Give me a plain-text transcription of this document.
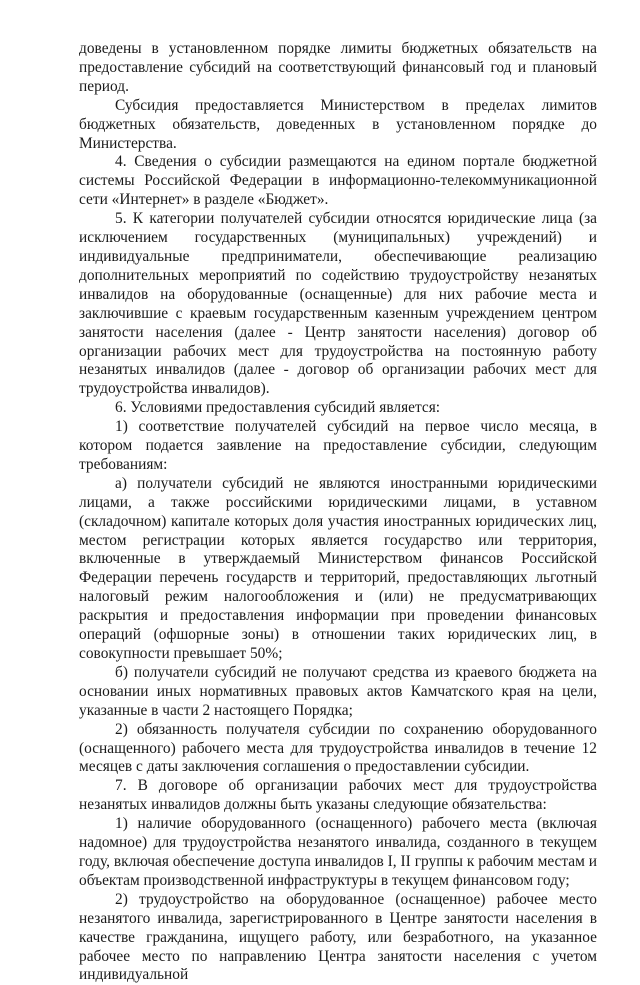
доведены в установленном порядке лимиты бюджетных обязательств на предоставление субсидий на соответствующий финансовый год и плановый период.

Субсидия предоставляется Министерством в пределах лимитов бюджетных обязательств, доведенных в установленном порядке до Министерства.

4. Сведения о субсидии размещаются на едином портале бюджетной системы Российской Федерации в информационно-телекоммуникационной сети «Интернет» в разделе «Бюджет».

5. К категории получателей субсидии относятся юридические лица (за исключением государственных (муниципальных) учреждений) и индивидуальные предприниматели, обеспечивающие реализацию дополнительных мероприятий по содействию трудоустройству незанятых инвалидов на оборудованные (оснащенные) для них рабочие места и заключившие с краевым государственным казенным учреждением центром занятости населения (далее - Центр занятости населения) договор об организации рабочих мест для трудоустройства на постоянную работу незанятых инвалидов (далее - договор об организации рабочих мест для трудоустройства инвалидов).

6. Условиями предоставления субсидий является:

1) соответствие получателей субсидий на первое число месяца, в котором подается заявление на предоставление субсидии, следующим требованиям:

а) получатели субсидий не являются иностранными юридическими лицами, а также российскими юридическими лицами, в уставном (складочном) капитале которых доля участия иностранных юридических лиц, местом регистрации которых является государство или территория, включенные в утверждаемый Министерством финансов Российской Федерации перечень государств и территорий, предоставляющих льготный налоговый режим налогообложения и (или) не предусматривающих раскрытия и предоставления информации при проведении финансовых операций (офшорные зоны) в отношении таких юридических лиц, в совокупности превышает 50%;

б) получатели субсидий не получают средства из краевого бюджета на основании иных нормативных правовых актов Камчатского края на цели, указанные в части 2 настоящего Порядка;

2) обязанность получателя субсидии по сохранению оборудованного (оснащенного) рабочего места для трудоустройства инвалидов в течение 12 месяцев с даты заключения соглашения о предоставлении субсидии.

7. В договоре об организации рабочих мест для трудоустройства незанятых инвалидов должны быть указаны следующие обязательства:

1) наличие оборудованного (оснащенного) рабочего места (включая надомное) для трудоустройства незанятого инвалида, созданного в текущем году, включая обеспечение доступа инвалидов I, II группы к рабочим местам и объектам производственной инфраструктуры в текущем финансовом году;

2) трудоустройство на оборудованное (оснащенное) рабочее место незанятого инвалида, зарегистрированного в Центре занятости населения в качестве гражданина, ищущего работу, или безработного, на указанное рабочее место по направлению Центра занятости населения с учетом индивидуальной
